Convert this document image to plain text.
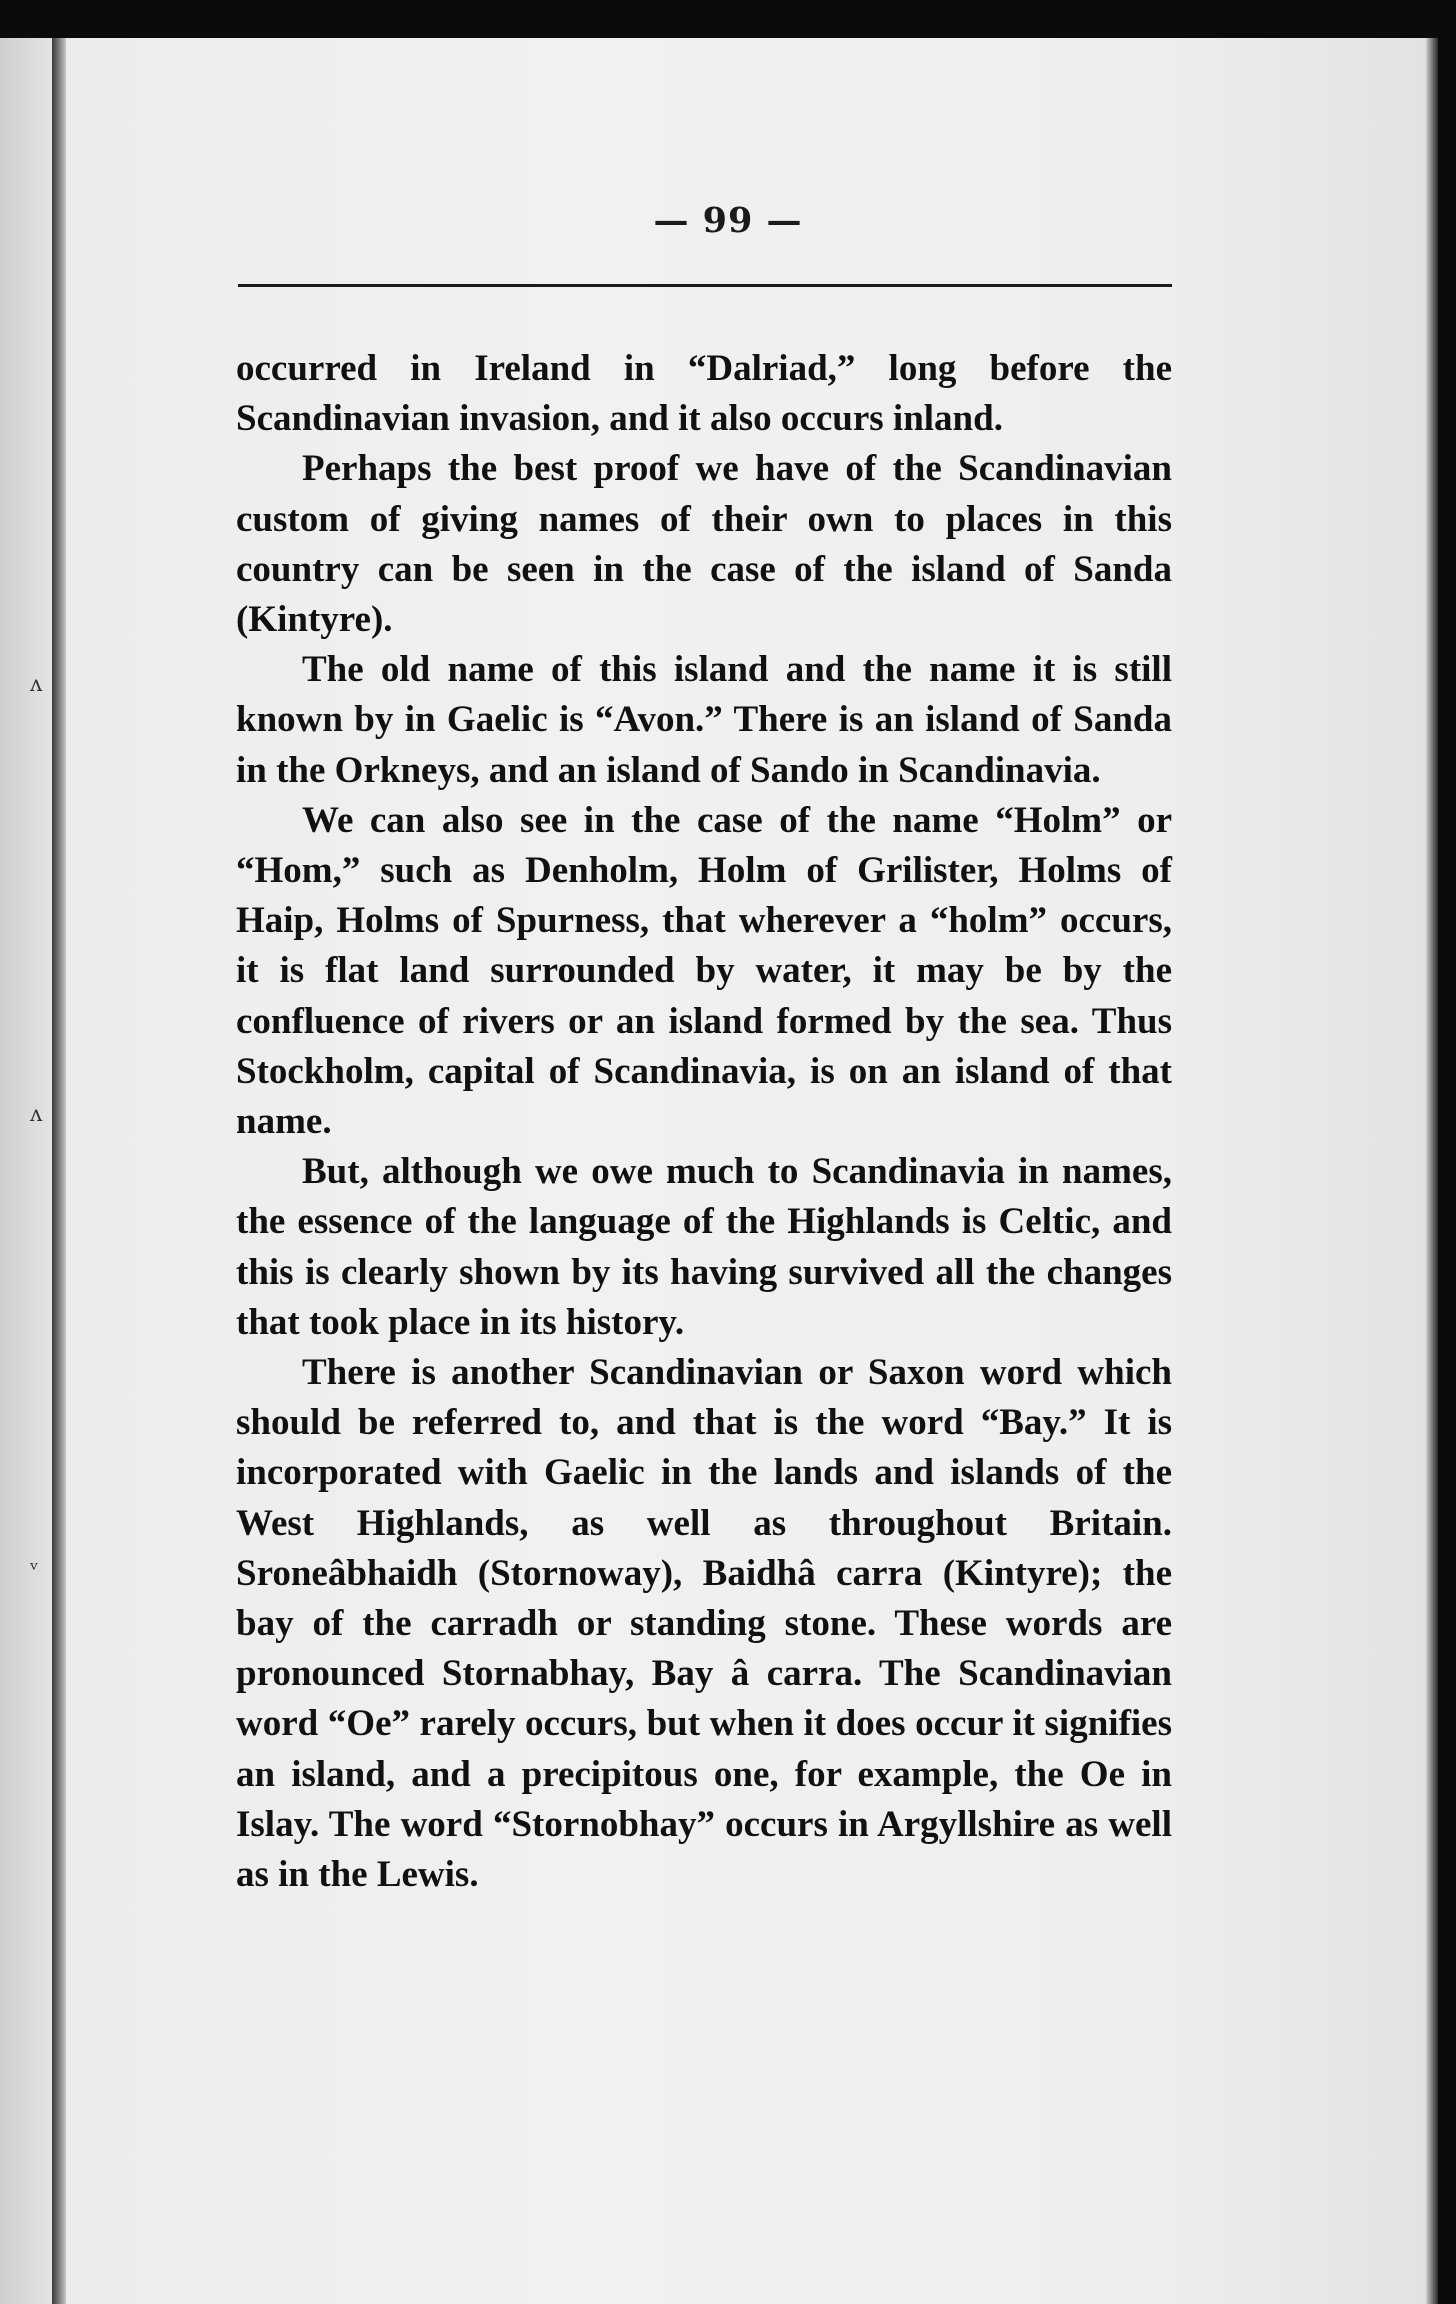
ʌ
ʌ
ᵛ
— 99 —

occurred in Ireland in “Dalriad,” long before the Scandinavian invasion, and it also occurs inland.

Perhaps the best proof we have of the Scandinavian custom of giving names of their own to places in this country can be seen in the case of the island of Sanda (Kintyre).

The old name of this island and the name it is still known by in Gaelic is “Avon.” There is an island of Sanda in the Orkneys, and an island of Sando in Scandinavia.

We can also see in the case of the name “Holm” or “Hom,” such as Denholm, Holm of Grilister, Holms of Haip, Holms of Spurness, that wherever a “holm” occurs, it is flat land surrounded by water, it may be by the confluence of rivers or an island formed by the sea. Thus Stockholm, capital of Scandinavia, is on an island of that name.

But, although we owe much to Scandinavia in names, the essence of the language of the Highlands is Celtic, and this is clearly shown by its having survived all the changes that took place in its history.

There is another Scandinavian or Saxon word which should be referred to, and that is the word “Bay.” It is incorporated with Gaelic in the lands and islands of the West Highlands, as well as throughout Britain. Sroneâbhaidh (Stornoway), Baidhâ carra (Kintyre); the bay of the carradh or standing stone. These words are pronounced Stornabhay, Bay â carra. The Scandinavian word “Oe” rarely occurs, but when it does occur it signifies an island, and a precipitous one, for example, the Oe in Islay. The word “Stornobhay” occurs in Argyllshire as well as in the Lewis.
